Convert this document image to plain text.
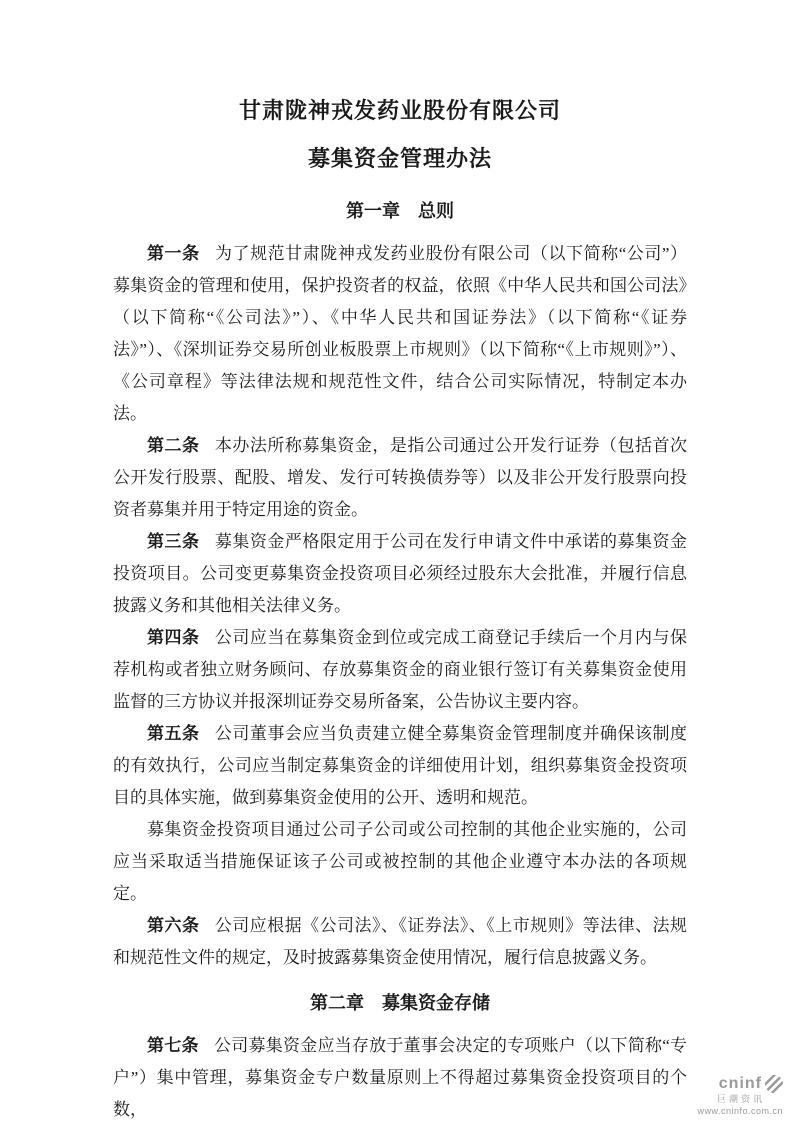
甘肃陇神戎发药业股份有限公司
募集资金管理办法
第一章　总则

第一条 为了规范甘肃陇神戎发药业股份有限公司（以下简称“公司”）募集资金的管理和使用，保护投资者的权益，依照《中华人民共和国公司法》（以下简称“《公司法》”）、《中华人民共和国证券法》（以下简称“《证券法》”）、《深圳证券交易所创业板股票上市规则》（以下简称“《上市规则》”）、《公司章程》等法律法规和规范性文件，结合公司实际情况，特制定本办法。

第二条 本办法所称募集资金，是指公司通过公开发行证券（包括首次公开发行股票、配股、增发、发行可转换债券等）以及非公开发行股票向投资者募集并用于特定用途的资金。

第三条 募集资金严格限定用于公司在发行申请文件中承诺的募集资金投资项目。公司变更募集资金投资项目必须经过股东大会批准，并履行信息披露义务和其他相关法律义务。

第四条 公司应当在募集资金到位或完成工商登记手续后一个月内与保荐机构或者独立财务顾问、存放募集资金的商业银行签订有关募集资金使用监督的三方协议并报深圳证券交易所备案，公告协议主要内容。

第五条 公司董事会应当负责建立健全募集资金管理制度并确保该制度的有效执行，公司应当制定募集资金的详细使用计划，组织募集资金投资项目的具体实施，做到募集资金使用的公开、透明和规范。

募集资金投资项目通过公司子公司或公司控制的其他企业实施的，公司应当采取适当措施保证该子公司或被控制的其他企业遵守本办法的各项规定。

第六条 公司应根据《公司法》、《证券法》、《上市规则》等法律、法规和规范性文件的规定，及时披露募集资金使用情况，履行信息披露义务。

第二章　募集资金存储

第七条 公司募集资金应当存放于董事会决定的专项账户（以下简称“专户”）集中管理，募集资金专户数量原则上不得超过募集资金投资项目的个数，

cninf
巨潮资讯
www.cninfo.com.cn
